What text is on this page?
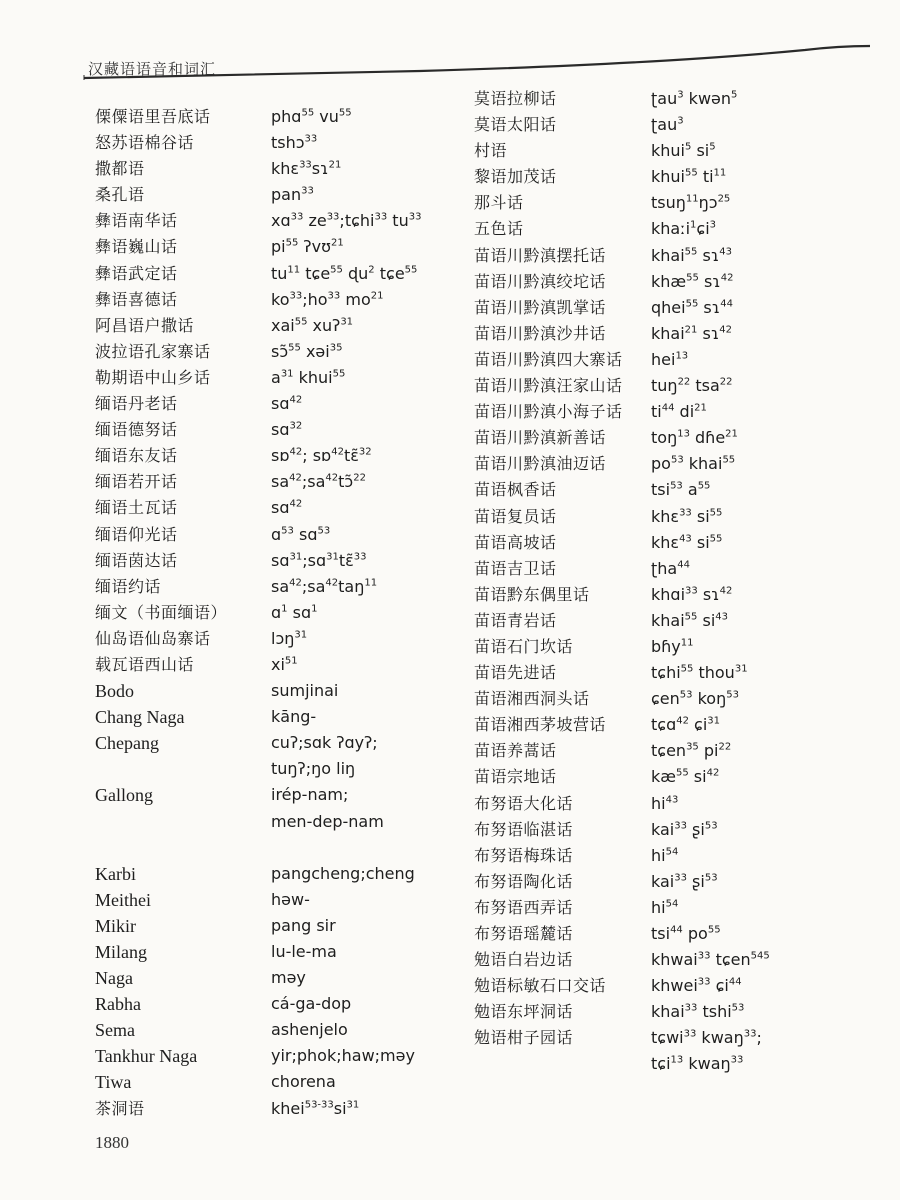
汉藏语语音和词汇
傈僳语里吾底话	phɑ$^{55}$ $vu^{55}$
怒苏语棉谷话	tshɔ$^{33}$
撒都语	khɛ$^{33}$sɿ$^{21}$
桑孔语	pan$^{33}$
彝语南华话	xɑ$^{33}$ $ze^{33};tɕhi^{33}$ $tu^{33}$
彝语巍山话	$pi^{55}$ ʔvʊ$^{21}$
彝语武定话	$tu^{11}$ tɕe$^{55}$ ɖu$^2$ tɕe$^{55}$
彝语喜德话	$ko^{33};ho^{33}$ $mo^{21}$
阿昌语户撒话	xai$^{55}$ xuʔ$^{31}$
波拉语孔家寨话	sɔ̃$^{55}$ xəi$^{35}$
勒期语中山乡话	$a^{31}$ khui$^{55}$
缅语丹老话	sɑ$^{42}$
缅语德努话	sɑ$^{32}$
缅语东友话	sɒ$^{42}$; sɒ$^{42}$tɛ̃$^{32}$
缅语若开话	$sa^{42};sa^{42}tɔ̃^{22}$
缅语土瓦话	sɑ$^{42}$
缅语仰光话	ɑ$^{53}$ sɑ$^{53}$
缅语茵达话	sɑ$^{31}$;sɑ$^{31}$tɛ̃$^{33}$
缅语约话	$sa^{42};sa^{42}taŋ^{11}$
缅文（书面缅语）	ɑ$^1$ sɑ$^1$
仙岛语仙岛寨话	lɔŋ$^{31}$
载瓦语西山话	$xi^{51}$
Bodo	sumjinai
Chang Naga	kāng-
Chepang	cuʔ;sɑk ʔɑyʔ;
tuŋʔ;ŋo liŋ
Gallong	irép-nam;
men-dep-nam
Karbi	pangcheng;cheng
Meithei	həw-
Mikir	pang sir
Milang	lu-le-ma
Naga	məy
Rabha	cá-ga-dop
Sema	ashenjelo
Tankhur Naga	yir;phok;haw;məy
Tiwa	chorena
茶洞语	$khei^{53-33}si^{31}$
莫语拉柳话	ʈau$^3$ kwən$^5$
莫语太阳话	ʈau$^3$
村语	khui$^5$ $si^5$
黎语加茂话	khui$^{55}$ $ti^{11}$
那斗话	tsuŋ$^{11}$ŋɔ$^{25}$
五色话	khaːi$^1$ɕi$^3$
苗语川黔滇摆托话	khai$^{55}$ sɿ$^{43}$
苗语川黔滇绞坨话	khæ$^{55}$ sɿ$^{42}$
苗语川黔滇凯掌话	qhei$^{55}$ sɿ$^{44}$
苗语川黔滇沙井话	khai$^{21}$ sɿ$^{42}$
苗语川黔滇四大寨话 hei$^{13}$
苗语川黔滇汪家山话 tuŋ$^{22}$ tsa$^{22}$
苗语川黔滇小海子话 $ti^{44}$ $di^{21}$
苗语川黔滇新善话	toŋ$^{13}$ dɦe$^{21}$
苗语川黔滇油迈话	$po^{53}$ khai$^{55}$
苗语枫香话	tsi$^{53}$ $a^{55}$
苗语复员话	khɛ$^{33}$ $si^{55}$
苗语高坡话	khɛ$^{43}$ $si^{55}$
苗语吉卫话	ʈha$^{44}$
苗语黔东偶里话	khɑi$^{33}$ sɿ$^{42}$
苗语青岩话	khai$^{55}$ $si^{43}$
苗语石门坎话	bɦy$^{11}$
苗语先进话	tɕhi$^{55}$ thou$^{31}$
苗语湘西洞头话	ɕen$^{53}$ koŋ$^{53}$
苗语湘西茅坡营话	tɕɑ$^{42}$ ɕi$^{31}$
苗语养蒿话	tɕen$^{35}$ $pi^{22}$
苗语宗地话	$kæ^{55}$ $si^{42}$
布努语大化话	$hi^{43}$
布努语临湛话	kai$^{33}$ ʂi$^{53}$
布努语梅珠话	$hi^{54}$
布努语陶化话	kai$^{33}$ ʂi$^{53}$
布努语西弄话	$hi^{54}$
布努语瑶麓话	tsi$^{44}$ $po^{55}$
勉语白岩边话	khwai$^{33}$ tɕen$^{545}$
勉语标敏石口交话	khwei$^{33}$ ɕi$^{44}$
勉语东坪洞话	khai$^{33}$ tshi$^{53}$
勉语柑子园话	tɕwi$^{33}$ kwaŋ$^{33}$;
tɕi$^{13}$ kwaŋ$^{33}$
1880
